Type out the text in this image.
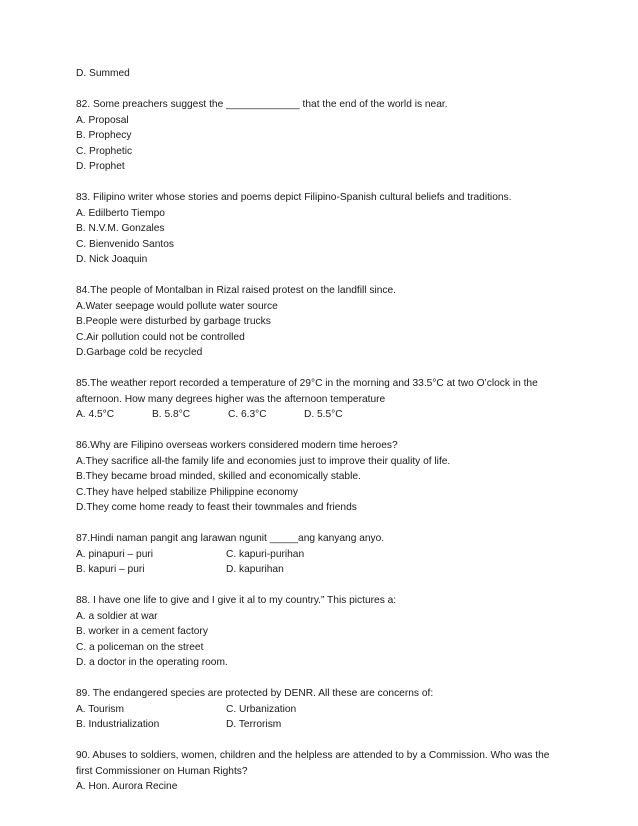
D. Summed
82. Some preachers suggest the _____________ that the end of the world is near.
A. Proposal
B. Prophecy
C. Prophetic
D. Prophet
83. Filipino writer whose stories and poems depict Filipino-Spanish cultural beliefs and traditions.
A. Edilberto Tiempo
B. N.V.M. Gonzales
C. Bienvenido Santos
D. Nick Joaquin
84.The people of Montalban in Rizal raised protest on the landfill since.
A.Water seepage would pollute water source
B.People were disturbed by garbage trucks
C.Air pollution could not be controlled
D.Garbage cold be recycled
85.The weather report recorded a temperature of 29°C in the morning and 33.5°C at two O’clock in the
afternoon. How many degrees higher was the afternoon temperature
A. 4.5°C	B. 5.8°C	C. 6.3°C	D. 5.5°C
86.Why are Filipino overseas workers considered modern time heroes?
A.They sacrifice all-the family life and economies just to improve their quality of life.
B.They became broad minded, skilled and economically stable.
C.They have helped stabilize Philippine economy
D.They come home ready to feast their townmales and friends
87.Hindi naman pangit ang larawan ngunit _____ang kanyang anyo.
A. pinapuri – puri	C. kapuri-purihan
B. kapuri – puri	D. kapurihan
88. I have one life to give and I give it al to my country.” This pictures a:
A. a soldier at war
B. worker in a cement factory
C. a policeman on the street
D. a doctor in the operating room.
89. The endangered species are protected by DENR. All these are concerns of:
A. Tourism	C. Urbanization
B. Industrialization	D. Terrorism
90. Abuses to soldiers, women, children and the helpless are attended to by a Commission. Who was the
first Commissioner on Human Rights?
A. Hon. Aurora Recine
